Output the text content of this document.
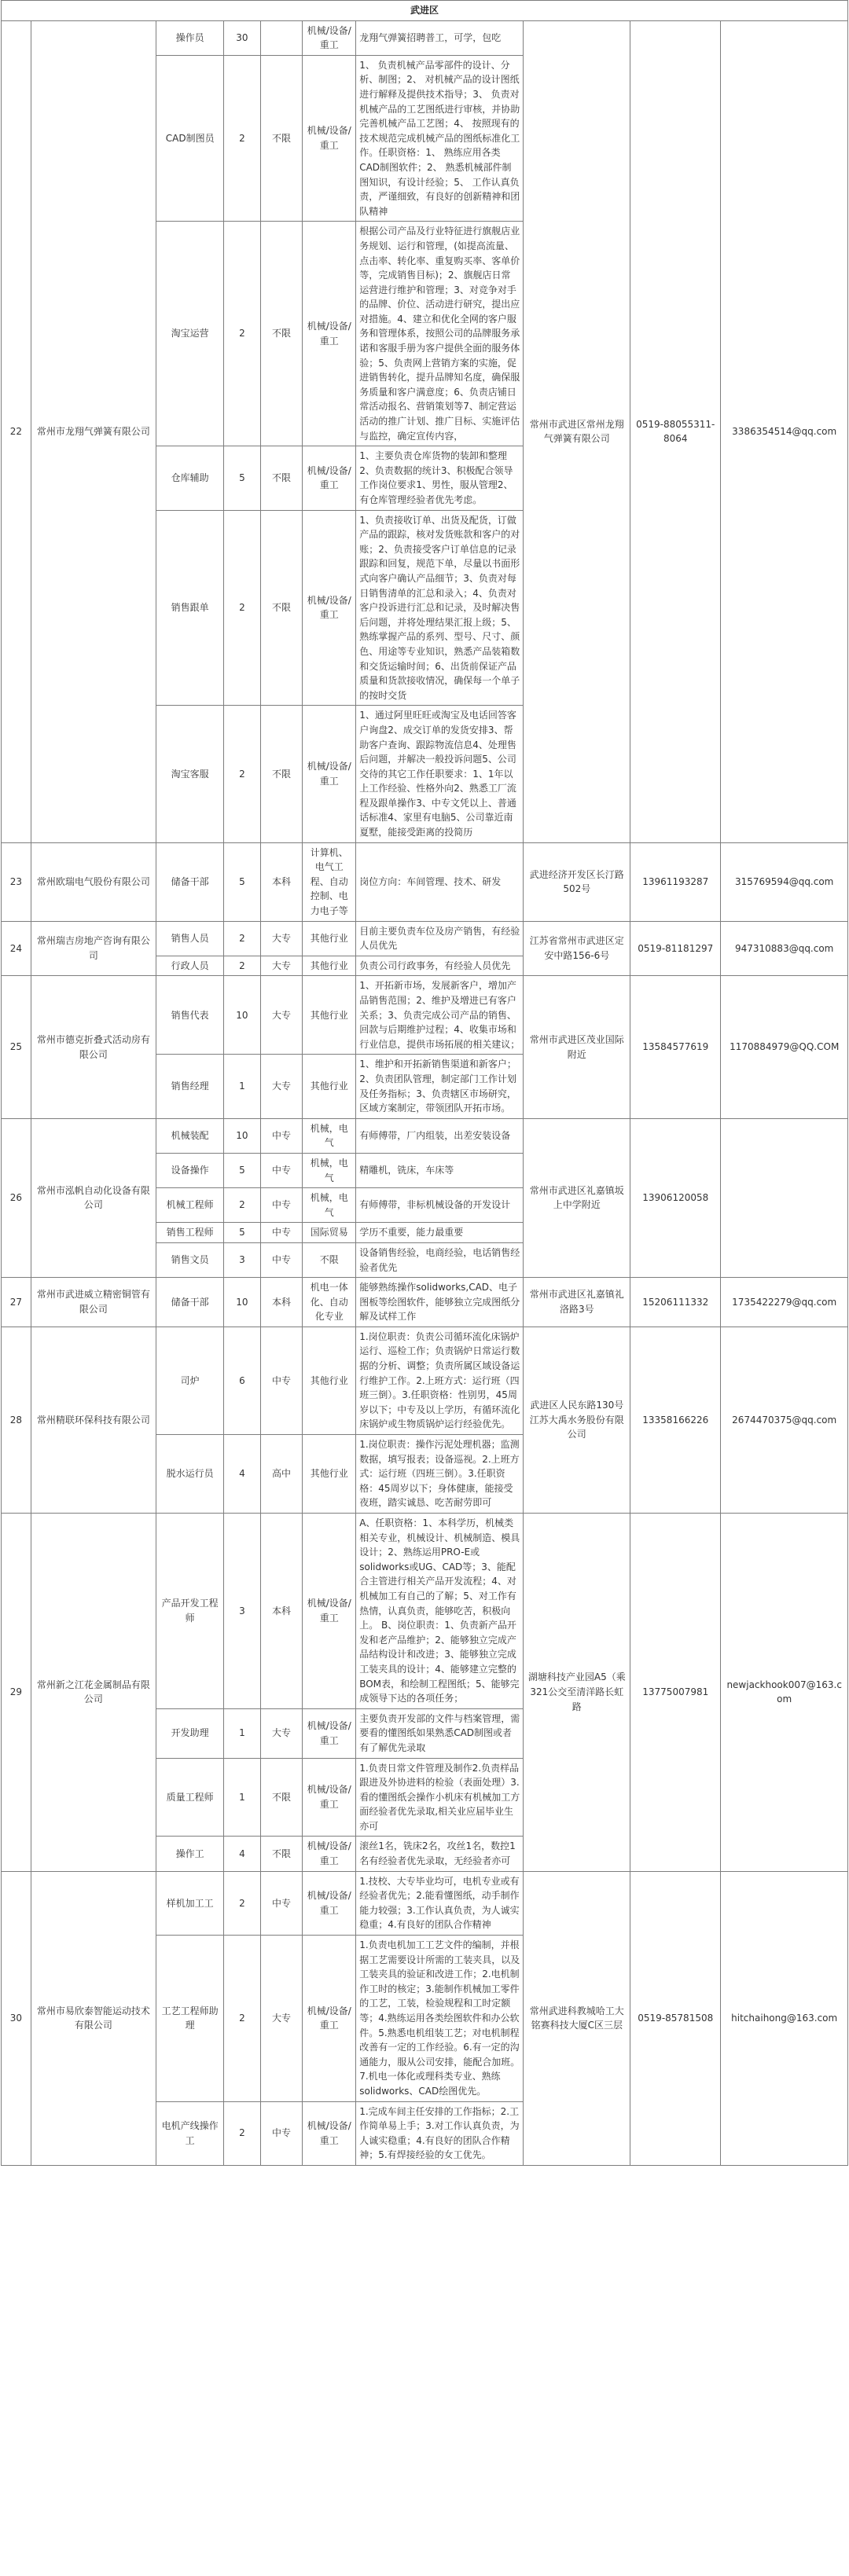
武进区									
22	常州市龙翔气弹簧有限公司	操作员	30		机械/设备/重工	龙翔气弹簧招聘普工，可学，包吃	常州市武进区常州龙翔气弹簧有限公司	0519-88055311-8064	3386354514@qq.com
		CAD制图员	2	不限	机械/设备/重工	1、 负责机械产品零部件的设计、分析、制图；2、 对机械产品的设计图纸进行解释及提供技术指导；3、 负责对机械产品的工艺图纸进行审核，并协助完善机械产品工艺图；4、 按照现有的技术规范完成机械产品的图纸标准化工作。任职资格：1、 熟练应用各类CAD制图软件；2、 熟悉机械部件制图知识，有设计经验；5、 工作认真负责，严谨细致，有良好的创新精神和团队精神			
		淘宝运营	2	不限	机械/设备/重工	根据公司产品及行业特征进行旗舰店业务规划、运行和管理，(如提高流量、点击率、转化率、重复购买率、客单价等，完成销售目标)；2、旗舰店日常运营进行维护和管理；3、对竞争对手的品牌、价位、活动进行研究，提出应对措施。4、建立和优化全网的客户服务和管理体系，按照公司的品牌服务承诺和客服手册为客户提供全面的服务体验；5、负责网上营销方案的实施，促进销售转化，提升品牌知名度，确保服务质量和客户满意度；6、负责店铺日常活动报名、营销策划等7、制定营运活动的推广计划、推广目标、实施评估与监控，确定宣传内容，			
		仓库辅助	5	不限	机械/设备/重工	1、主要负责仓库货物的装卸和整理2、负责数据的统计3、积极配合领导工作岗位要求1、男性，服从管理2、有仓库管理经验者优先考虑。			
		销售跟单	2	不限	机械/设备/重工	1、负责接收订单、出货及配货，订做产品的跟踪，核对发货账款和客户的对账；2、负责接受客户订单信息的记录跟踪和回复，规范下单，尽量以书面形式向客户确认产品细节；3、负责对每日销售清单的汇总和录入；4、负责对客户投诉进行汇总和记录，及时解决售后问题，并将处理结果汇报上级；5、熟练掌握产品的系列、型号、尺寸、颜色、用途等专业知识，熟悉产品装箱数和交货运输时间；6、出货前保证产品质量和货款接收情况，确保每一个单子的按时交货			
		淘宝客服	2	不限	机械/设备/重工	1、通过阿里旺旺或淘宝及电话回答客户询盘2、成交订单的发货安排3、帮助客户查询、跟踪物流信息4、处理售后问题，并解决一般投诉问题5、公司交待的其它工作任职要求：1、1年以上工作经验、性格外向2、熟悉工厂流程及跟单操作3、中专文凭以上、普通话标准4、家里有电脑5、公司靠近南夏墅，能接受距离的投简历			
23	常州欧瑞电气股份有限公司	储备干部	5	本科	计算机、电气工程、自动控制、电力电子等	岗位方向：车间管理、技术、研发	武进经济开发区长汀路502号	13961193287	315769594@qq.com
24	常州瑞吉房地产咨询有限公司	销售人员	2	大专	其他行业	目前主要负责车位及房产销售，有经验人员优先	江苏省常州市武进区定安中路156-6号	0519-81181297	947310883@qq.com
		行政人员	2	大专	其他行业	负责公司行政事务，有经验人员优先			
25	常州市德克折叠式活动房有限公司	销售代表	10	大专	其他行业	1、开拓新市场，发展新客户，增加产品销售范围；2、维护及增进已有客户关系；3、负责完成公司产品的销售、回款与后期维护过程；4、收集市场和行业信息，提供市场拓展的相关建议；	常州市武进区茂业国际附近	13584577619	1170884979@QQ.COM
		销售经理	1	大专	其他行业	1、维护和开拓新销售渠道和新客户；2、负责团队管理，制定部门工作计划及任务指标；3、负责辖区市场研究，区域方案制定，带领团队开拓市场。			
26	常州市泓帆自动化设备有限公司	机械装配	10	中专	机械，电气	有师傅带，厂内组装，出差安装设备	常州市武进区礼嘉镇坂上中学附近	13906120058	
		设备操作	5	中专	机械，电气	精雕机，铣床，车床等			
		机械工程师	2	中专	机械，电气	有师傅带，非标机械设备的开发设计			
		销售工程师	5	中专	国际贸易	学历不重要，能力最重要			
		销售文员	3	中专	不限	设备销售经验，电商经验，电话销售经验者优先			
27	常州市武进威立精密铜管有限公司	储备干部	10	本科	机电一体化、自动化专业	能够熟练操作solidworks,CAD、电子图板等绘图软件，能够独立完成图纸分解及试样工作	常州市武进区礼嘉镇礼洛路3号	15206111332	1735422279@qq.com
28	常州精联环保科技有限公司	司炉	6	中专	其他行业	1.岗位职责：负责公司循环流化床锅炉运行、巡检工作；负责锅炉日常运行数据的分析、调整；负责所属区域设备运行维护工作。2.上班方式：运行班（四班三倒）。3.任职资格：性别男，45周岁以下；中专及以上学历，有循环流化床锅炉或生物质锅炉运行经验优先。	武进区人民东路130号江苏大禹水务股份有限公司	13358166226	2674470375@qq.com
		脱水运行员	4	高中	其他行业	1.岗位职责：操作污泥处理机器；监测数据，填写报表；设备巡视。2.上班方式：运行班（四班三倒）。3.任职资格：45周岁以下；身体健康，能接受夜班，踏实诚恳、吃苦耐劳即可			
29	常州新之江花金属制品有限公司	产品开发工程师	3	本科	机械/设备/重工	A、任职资格：1、本科学历，机械类相关专业，机械设计、机械制造、模具设计；2、熟练运用PRO-E或solidworks或UG、CAD等；3、能配合主管进行相关产品开发流程；4、对机械加工有自己的了解；5、对工作有热情，认真负责，能够吃苦，积极向上。 B、岗位职责：1、负责新产品开发和老产品维护；2、能够独立完成产品结构设计和改进；3、能够独立完成工装夹具的设计；4、能够建立完整的BOM表，和绘制工程图纸；5、能够完成领导下达的各项任务；	湖塘科技产业园A5（乘321公交至清洋路长虹路	13775007981	newjackhook007@163.com
		开发助理	1	大专	机械/设备/重工	主要负责开发部的文件与档案管理，需要看的懂图纸如果熟悉CAD制图或者有了解优先录取			
		质量工程师	1	不限	机械/设备/重工	1.负责日常文件管理及制作2.负责样品跟进及外协进料的检验（表面处理）3.看的懂图纸会操作小机床有机械加工方面经验者优先录取,相关业应届毕业生亦可			
		操作工	4	不限	机械/设备/重工	滚丝1名，铣床2名，攻丝1名，数控1名有经验者优先录取，无经验者亦可			
30	常州市易欣泰智能运动技术有限公司	样机加工工	2	中专	机械/设备/重工	1.技校、大专毕业均可，电机专业或有经验者优先；2.能看懂图纸，动手制作能力较强；3.工作认真负责，为人诚实稳重；4.有良好的团队合作精神	常州武进科教城哈工大铭赛科技大厦C区三层	0519-85781508	hitchaihong@163.com
		工艺工程师助理	2	大专	机械/设备/重工	1.负责电机加工工艺文件的编制，并根据工艺需要设计所需的工装夹具，以及工装夹具的验证和改进工作；2.电机制作工时的核定；3.能制作机械加工零件的工艺，工装，检验规程和工时定额等；4.熟练运用各类绘图软件和办公软件。5.熟悉电机组装工艺；对电机制程改善有一定的工作经验。6.有一定的沟通能力，服从公司安排，能配合加班。7.机电一体化或理科类专业、熟练solidworks、CAD绘图优先。			
		电机产线操作工	2	中专	机械/设备/重工	1.完成车间主任安排的工作指标；2.工作简单易上手；3.对工作认真负责，为人诚实稳重；4.有良好的团队合作精神；5.有焊接经验的女工优先。			
